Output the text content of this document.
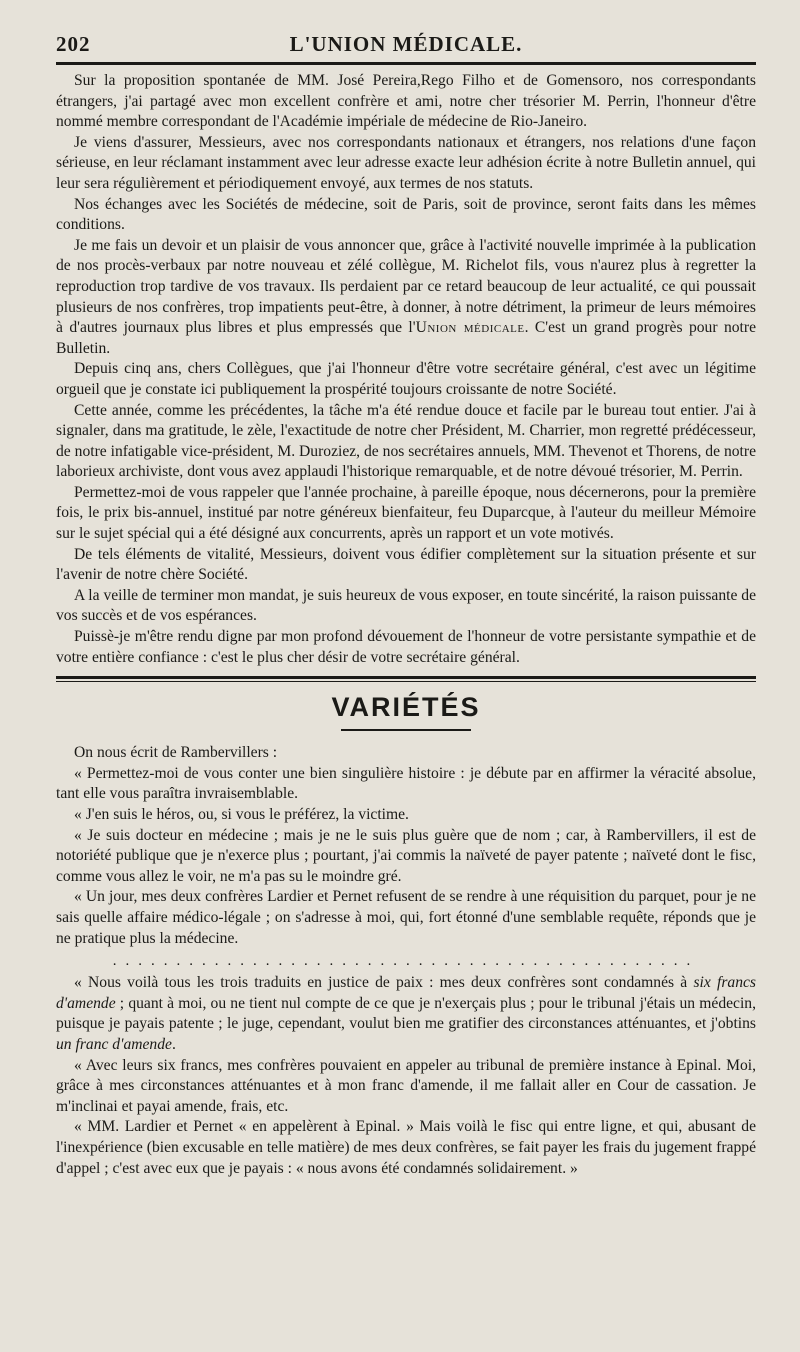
202	L'UNION MÉDICALE.

Sur la proposition spontanée de MM. José Pereira,Rego Filho et de Gomensoro, nos correspondants étrangers, j'ai partagé avec mon excellent confrère et ami, notre cher trésorier M. Perrin, l'honneur d'être nommé membre correspondant de l'Académie impériale de médecine de Rio-Janeiro.

Je viens d'assurer, Messieurs, avec nos correspondants nationaux et étrangers, nos relations d'une façon sérieuse, en leur réclamant instamment avec leur adresse exacte leur adhésion écrite à notre Bulletin annuel, qui leur sera régulièrement et périodiquement envoyé, aux termes de nos statuts.

Nos échanges avec les Sociétés de médecine, soit de Paris, soit de province, seront faits dans les mêmes conditions.

Je me fais un devoir et un plaisir de vous annoncer que, grâce à l'activité nouvelle imprimée à la publication de nos procès-verbaux par notre nouveau et zélé collègue, M. Richelot fils, vous n'aurez plus à regretter la reproduction trop tardive de vos travaux. Ils perdaient par ce retard beaucoup de leur actualité, ce qui poussait plusieurs de nos confrères, trop impatients peut-être, à donner, à notre détriment, la primeur de leurs mémoires à d'autres journaux plus libres et plus empressés que l'Union médicale. C'est un grand progrès pour notre Bulletin.

Depuis cinq ans, chers Collègues, que j'ai l'honneur d'être votre secrétaire général, c'est avec un légitime orgueil que je constate ici publiquement la prospérité toujours croissante de notre Société.

Cette année, comme les précédentes, la tâche m'a été rendue douce et facile par le bureau tout entier. J'ai à signaler, dans ma gratitude, le zèle, l'exactitude de notre cher Président, M. Charrier, mon regretté prédécesseur, de notre infatigable vice-président, M. Duroziez, de nos secrétaires annuels, MM. Thevenot et Thorens, de notre laborieux archiviste, dont vous avez applaudi l'historique remarquable, et de notre dévoué trésorier, M. Perrin.

Permettez-moi de vous rappeler que l'année prochaine, à pareille époque, nous décernerons, pour la première fois, le prix bis-annuel, institué par notre généreux bienfaiteur, feu Duparcque, à l'auteur du meilleur Mémoire sur le sujet spécial qui a été désigné aux concurrents, après un rapport et un vote motivés.

De tels éléments de vitalité, Messieurs, doivent vous édifier complètement sur la situation présente et sur l'avenir de notre chère Société.

A la veille de terminer mon mandat, je suis heureux de vous exposer, en toute sincérité, la raison puissante de vos succès et de vos espérances.

Puissè-je m'être rendu digne par mon profond dévouement de l'honneur de votre persistante sympathie et de votre entière confiance : c'est le plus cher désir de votre secrétaire général.

VARIÉTÉS

On nous écrit de Rambervillers :

« Permettez-moi de vous conter une bien singulière histoire : je débute par en affirmer la véracité absolue, tant elle vous paraîtra invraisemblable.

« J'en suis le héros, ou, si vous le préférez, la victime.

« Je suis docteur en médecine ; mais je ne le suis plus guère que de nom ; car, à Rambervillers, il est de notoriété publique que je n'exerce plus ; pourtant, j'ai commis la naïveté de payer patente ; naïveté dont le fisc, comme vous allez le voir, ne m'a pas su le moindre gré.

« Un jour, mes deux confrères Lardier et Pernet refusent de se rendre à une réquisition du parquet, pour je ne sais quelle affaire médico-légale ; on s'adresse à moi, qui, fort étonné d'une semblable requête, réponds que je ne pratique plus la médecine.

..............................................

« Nous voilà tous les trois traduits en justice de paix : mes deux confrères sont condamnés à six francs d'amende ; quant à moi, ou ne tient nul compte de ce que je n'exerçais plus ; pour le tribunal j'étais un médecin, puisque je payais patente ; le juge, cependant, voulut bien me gratifier des circonstances atténuantes, et j'obtins un franc d'amende.

« Avec leurs six francs, mes confrères pouvaient en appeler au tribunal de première instance à Epinal. Moi, grâce à mes circonstances atténuantes et à mon franc d'amende, il me fallait aller en Cour de cassation. Je m'inclinai et payai amende, frais, etc.

« MM. Lardier et Pernet « en appelèrent à Epinal. » Mais voilà le fisc qui entre ligne, et qui, abusant de l'inexpérience (bien excusable en telle matière) de mes deux confrères, se fait payer les frais du jugement frappé d'appel ; c'est avec eux que je payais : « nous avons été condamnés solidairement. »
